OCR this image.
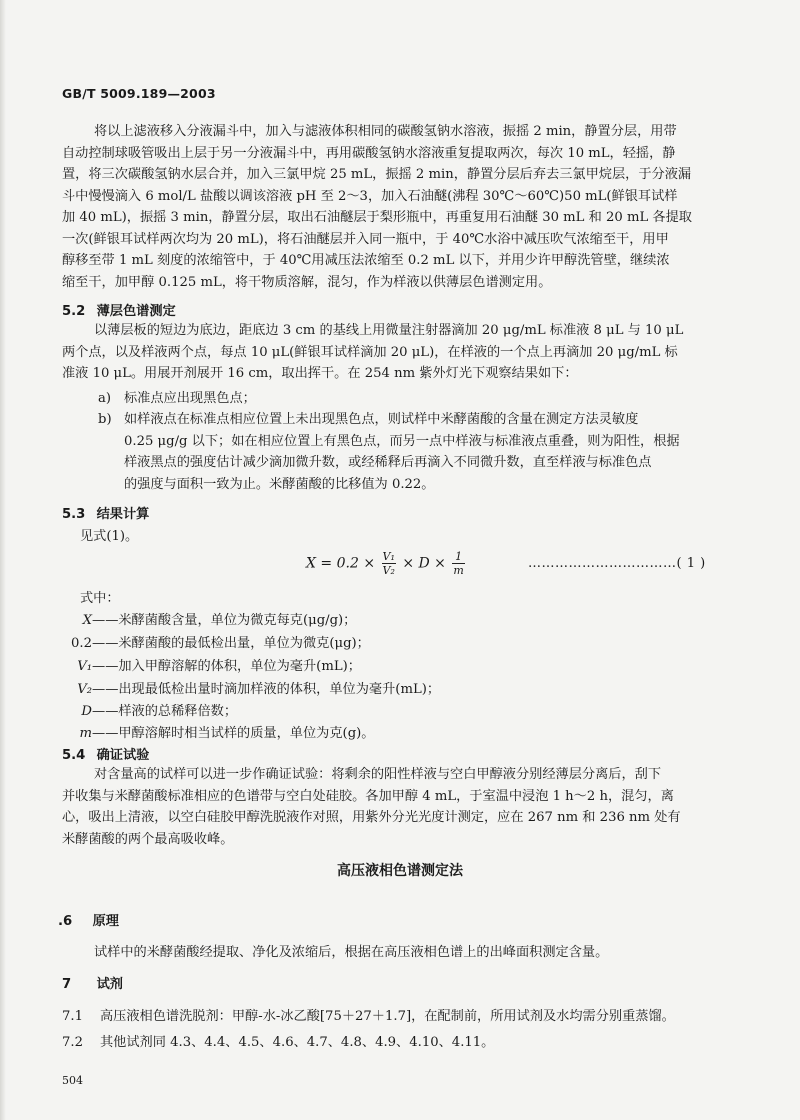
GB/T 5009.189—2003
将以上滤液移入分液漏斗中，加入与滤液体积相同的碳酸氢钠水溶液，振摇 2 min，静置分层，用带
自动控制球吸管吸出上层于另一分液漏斗中，再用碳酸氢钠水溶液重复提取两次，每次 10 mL，轻摇，静
置，将三次碳酸氢钠水层合并，加入三氯甲烷 25 mL，振摇 2 min，静置分层后弃去三氯甲烷层，于分液漏
斗中慢慢滴入 6 mol/L 盐酸以调该溶液 pH 至 2～3，加入石油醚(沸程 30℃～60℃)50 mL(鲜银耳试样
加 40 mL)，振摇 3 min，静置分层，取出石油醚层于梨形瓶中，再重复用石油醚 30 mL 和 20 mL 各提取
一次(鲜银耳试样两次均为 20 mL)，将石油醚层并入同一瓶中，于 40℃水浴中减压吹气浓缩至干，用甲
醇移至带 1 mL 刻度的浓缩管中，于 40℃用减压法浓缩至 0.2 mL 以下，并用少许甲醇洗管壁，继续浓
缩至干，加甲醇 0.125 mL，将干物质溶解，混匀，作为样液以供薄层色谱测定用。
5.2 薄层色谱测定
以薄层板的短边为底边，距底边 3 cm 的基线上用微量注射器滴加 20 μg/mL 标准液 8 μL 与 10 μL
两个点，以及样液两个点，每点 10 μL(鲜银耳试样滴加 20 μL)，在样液的一个点上再滴加 20 μg/mL 标
准液 10 μL。用展开剂展开 16 cm，取出挥干。在 254 nm 紫外灯光下观察结果如下：
a) 标准点应出现黑色点；
b) 如样液点在标准点相应位置上未出现黑色点，则试样中米酵菌酸的含量在测定方法灵敏度
0.25 μg/g 以下；如在相应位置上有黑色点，而另一点中样液与标准液点重叠，则为阳性，根据
样液黑点的强度估计减少滴加微升数，或经稀释后再滴入不同微升数，直至样液与标准色点
的强度与面积一致为止。米酵菌酸的比移值为 0.22。
5.3 结果计算
见式(1)。
$X = 0.2 \times \frac{\text{V₁}}{\text{V₂}} \times D \times \frac{1}{m}$	……………………………( 1 )
式中：
X——米酵菌酸含量，单位为微克每克(μg/g)；
0.2——米酵菌酸的最低检出量，单位为微克(μg)；
V₁——加入甲醇溶解的体积，单位为毫升(mL)；
V₂——出现最低检出量时滴加样液的体积，单位为毫升(mL)；
D——样液的总稀释倍数；
m——甲醇溶解时相当试样的质量，单位为克(g)。
5.4 确证试验
对含量高的试样可以进一步作确证试验：将剩余的阳性样液与空白甲醇液分别经薄层分离后，刮下
并收集与米酵菌酸标准相应的色谱带与空白处硅胶。各加甲醇 4 mL，于室温中浸泡 1 h～2 h，混匀，离
心，吸出上清液，以空白硅胶甲醇洗脱液作对照，用紫外分光光度计测定，应在 267 nm 和 236 nm 处有
米酵菌酸的两个最高吸收峰。
高压液相色谱测定法
.6 原理
试样中的米酵菌酸经提取、净化及浓缩后，根据在高压液相色谱上的出峰面积测定含量。
7 试剂
7.1 高压液相色谱洗脱剂：甲醇-水-冰乙酸[75＋27＋1.7]，在配制前，所用试剂及水均需分别重蒸馏。
7.2 其他试剂同 4.3、4.4、4.5、4.6、4.7、4.8、4.9、4.10、4.11。
504
